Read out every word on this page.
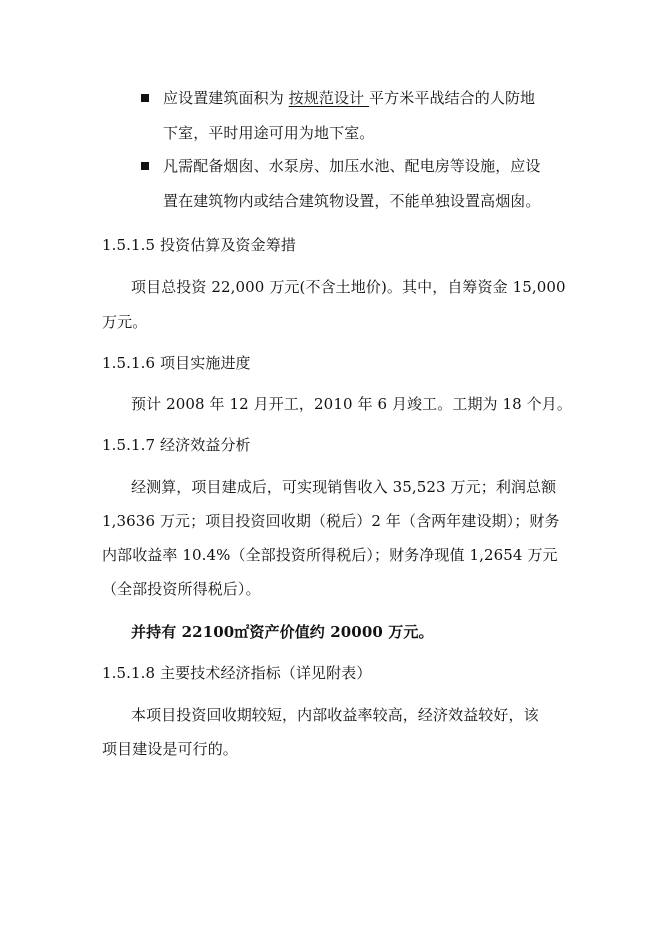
应设置建筑面积为 按规范设计 平方米平战结合的人防地
下室，平时用途可用为地下室。
凡需配备烟囱、水泵房、加压水池、配电房等设施，应设
置在建筑物内或结合建筑物设置，不能单独设置高烟囱。
1.5.1.5 投资估算及资金筹措
项目总投资 22,000 万元(不含土地价)。其中，自筹资金 15,000
万元。
1.5.1.6 项目实施进度
预计 2008 年 12 月开工，2010 年 6 月竣工。工期为 18 个月。
1.5.1.7 经济效益分析
经测算，项目建成后，可实现销售收入 35,523 万元；利润总额
1,3636 万元；项目投资回收期（税后）2 年（含两年建设期）；财务
内部收益率 10.4%（全部投资所得税后）；财务净现值 1,2654 万元
（全部投资所得税后）。
并持有 22100㎡资产价值约 20000 万元。
1.5.1.8 主要技术经济指标（详见附表）
本项目投资回收期较短，内部收益率较高，经济效益较好，该
项目建设是可行的。
